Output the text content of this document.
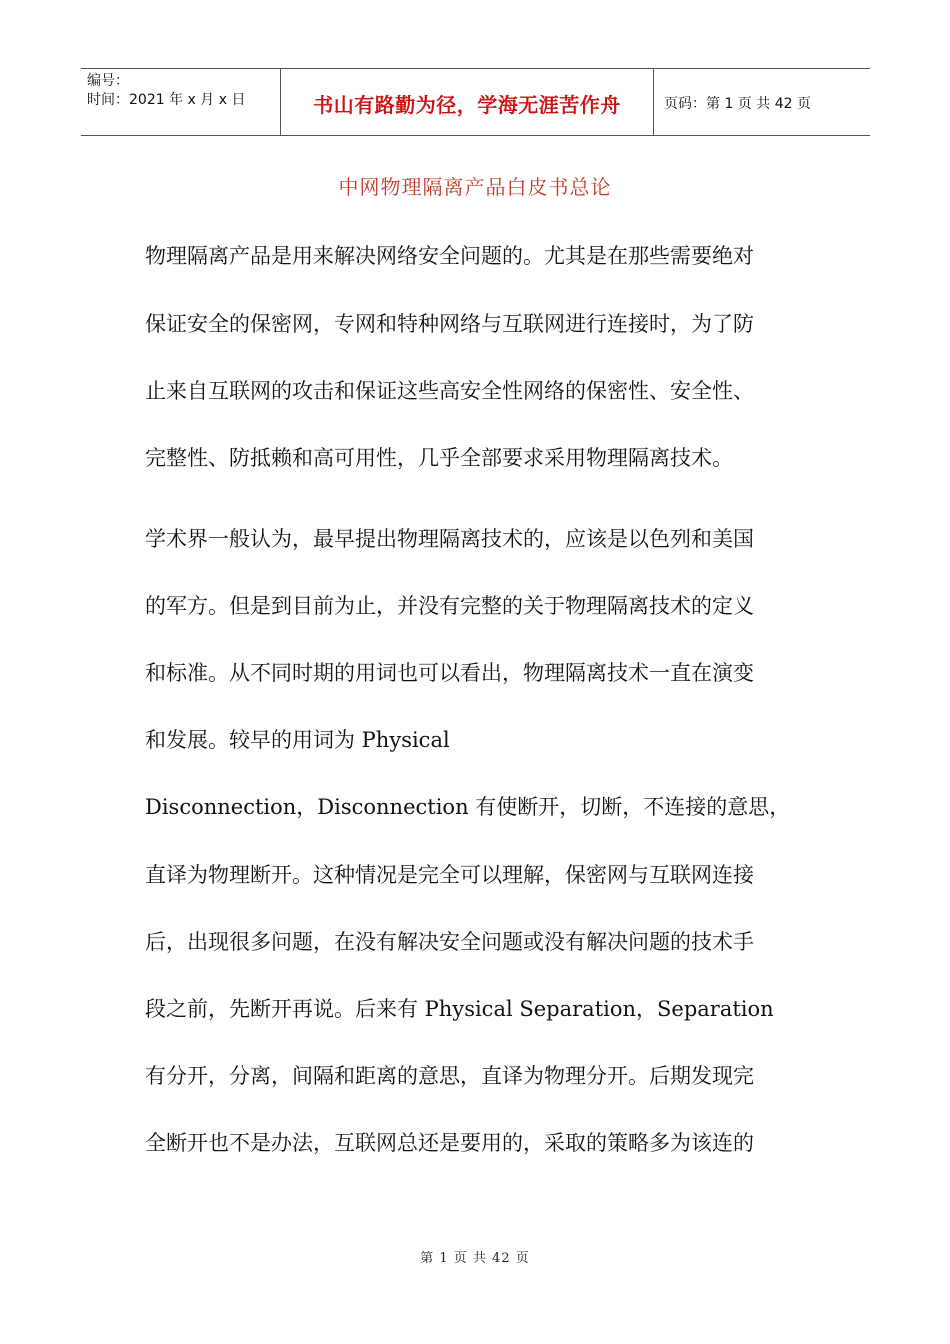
编号：
时间：2021 年 x 月 x 日	书山有路勤为径，学海无涯苦作舟	页码：第 1 页 共 42 页
中网物理隔离产品白皮书总论
物理隔离产品是用来解决网络安全问题的。尤其是在那些需要绝对
保证安全的保密网，专网和特种网络与互联网进行连接时，为了防
止来自互联网的攻击和保证这些高安全性网络的保密性、安全性、
完整性、防抵赖和高可用性，几乎全部要求采用物理隔离技术。
学术界一般认为，最早提出物理隔离技术的，应该是以色列和美国
的军方。但是到目前为止，并没有完整的关于物理隔离技术的定义
和标准。从不同时期的用词也可以看出，物理隔离技术一直在演变
和发展。较早的用词为 Physical
Disconnection，Disconnection 有使断开，切断，不连接的意思，
直译为物理断开。这种情况是完全可以理解，保密网与互联网连接
后，出现很多问题，在没有解决安全问题或没有解决问题的技术手
段之前，先断开再说。后来有 Physical Separation，Separation
有分开，分离，间隔和距离的意思，直译为物理分开。后期发现完
全断开也不是办法，互联网总还是要用的，采取的策略多为该连的
第 1 页 共 42 页
